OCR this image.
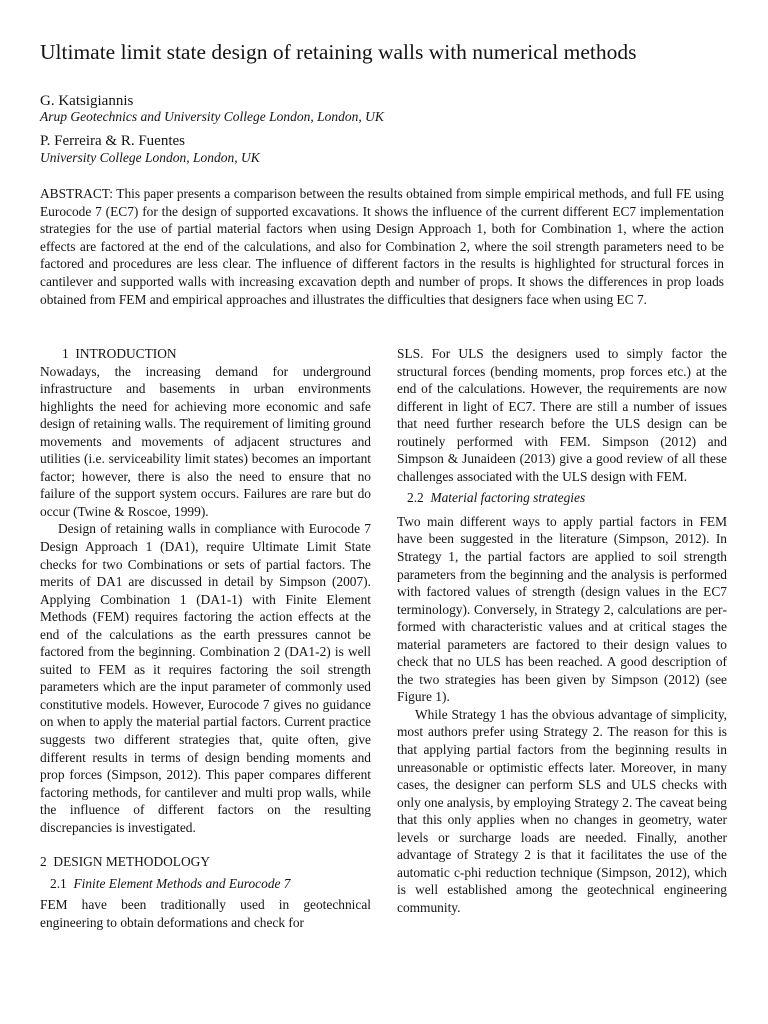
Ultimate limit state design of retaining walls with numerical methods
G. Katsigiannis
Arup Geotechnics and University College London, London, UK
P. Ferreira & R. Fuentes
University College London, London, UK

ABSTRACT: This paper presents a comparison between the results obtained from simple empirical methods, and full FE using Eurocode 7 (EC7) for the design of supported excavations. It shows the influence of the current different EC7 implementation strategies for the use of partial material factors when using Design Approach 1, both for Combination 1, where the action effects are factored at the end of the calculations, and also for Combination 2, where the soil strength parameters need to be factored and procedures are less clear. The influence of different factors in the results is highlighted for structural forces in cantilever and supported walls with increasing excavation depth and number of props. It shows the differences in prop loads obtained from FEM and empirical approaches and illustrates the difficulties that designers face when using EC 7.

1 INTRODUCTION

Nowadays, the increasing demand for underground infrastructure and basements in urban environments highlights the need for achieving more economic and safe design of retaining walls. The requirement of limiting ground movements and movements of adjacent structures and utilities (i.e. serviceability limit states) becomes an important factor; however, there is also the need to ensure that no failure of the support system occurs. Failures are rare but do occur (Twine & Roscoe, 1999).

Design of retaining walls in compliance with Eurocode 7 Design Approach 1 (DA1), require Ultimate Limit State checks for two Combinations or sets of partial factors. The merits of DA1 are discussed in detail by Simpson (2007). Applying Combination 1 (DA1-1) with Finite Element Methods (FEM) requires factoring the action effects at the end of the calculations as the earth pressures cannot be factored from the beginning. Combination 2 (DA1-2) is well suited to FEM as it requires factoring the soil strength parameters which are the input parameter of commonly used constitutive models. However, Eurocode 7 gives no guidance on when to apply the material partial factors. Current practice suggests two different strategies that, quite often, give different results in terms of design bending moments and prop forces (Simpson, 2012). This paper compares different factoring methods, for cantilever and multi prop walls, while the influence of different factors on the resulting discrepancies is investigated.

2 DESIGN METHODOLOGY
2.1 Finite Element Methods and Eurocode 7

FEM have been traditionally used in geotechnical engineering to obtain deformations and check for

SLS. For ULS the designers used to simply factor the structural forces (bending moments, prop forces etc.) at the end of the calculations. However, the requirements are now different in light of EC7. There are still a number of issues that need further research before the ULS design can be routinely performed with FEM. Simpson (2012) and Simpson & Junaideen (2013) give a good review of all these challenges associated with the ULS design with FEM.

2.2 Material factoring strategies

Two main different ways to apply partial factors in FEM have been suggested in the literature (Simpson, 2012). In Strategy 1, the partial factors are applied to soil strength parameters from the beginning and the analysis is performed with factored values of strength (design values in the EC7 terminology). Conversely, in Strategy 2, calculations are performed with characteristic values and at critical stages the material parameters are factored to their design values to check that no ULS has been reached. A good description of the two strategies has been given by Simpson (2012) (see Figure 1).

While Strategy 1 has the obvious advantage of simplicity, most authors prefer using Strategy 2. The reason for this is that applying partial factors from the beginning results in unreasonable or optimistic effects later. Moreover, in many cases, the designer can perform SLS and ULS checks with only one analysis, by employing Strategy 2. The caveat being that this only applies when no changes in geometry, water levels or surcharge loads are needed. Finally, another advantage of Strategy 2 is that it facilitates the use of the automatic c-phi reduction technique (Simpson, 2012), which is well established among the geotechnical engineering community.
